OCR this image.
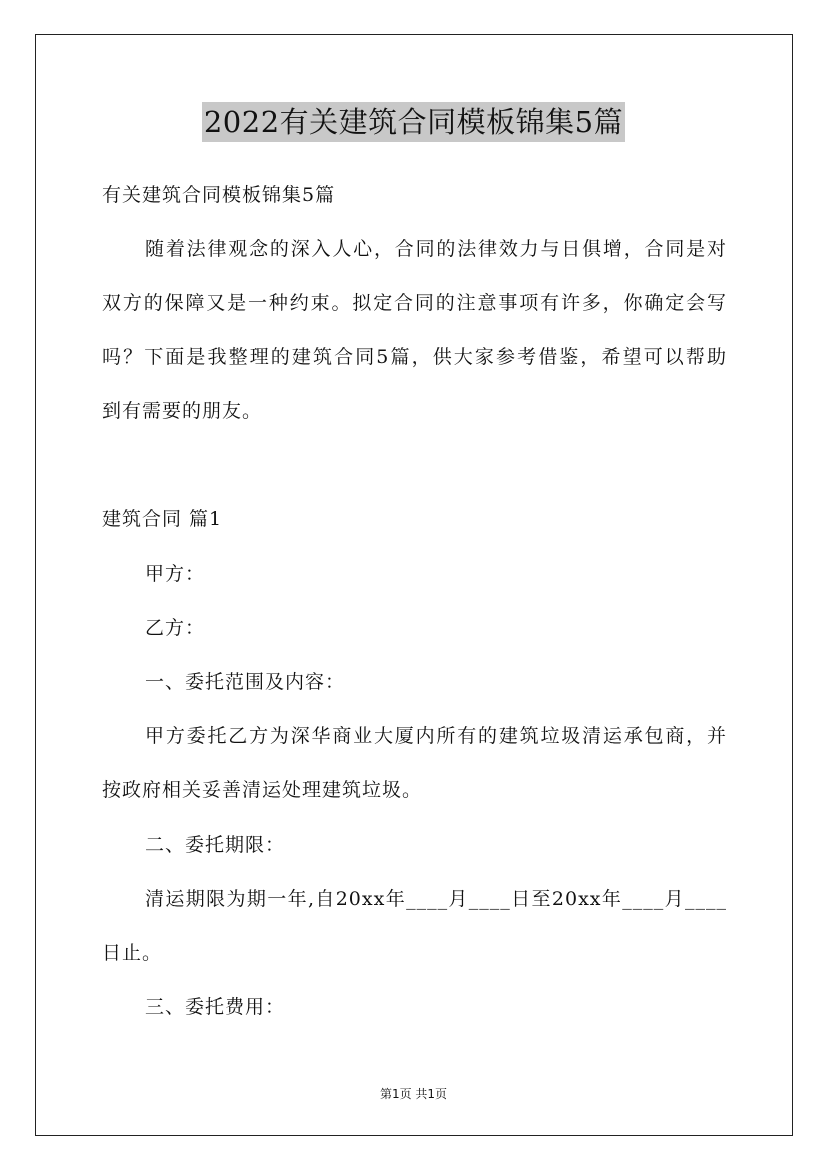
2022有关建筑合同模板锦集5篇
有关建筑合同模板锦集5篇
随着法律观念的深入人心，合同的法律效力与日俱增，合同是对
双方的保障又是一种约束。拟定合同的注意事项有许多，你确定会写
吗？下面是我整理的建筑合同5篇，供大家参考借鉴，希望可以帮助
到有需要的朋友。
建筑合同 篇1
甲方：
乙方：
一、委托范围及内容：
甲方委托乙方为深华商业大厦内所有的建筑垃圾清运承包商，并
按政府相关妥善清运处理建筑垃圾。
二、委托期限：
清运期限为期一年,自20xx年____月____日至20xx年____月____
日止。
三、委托费用：
第1页 共1页
